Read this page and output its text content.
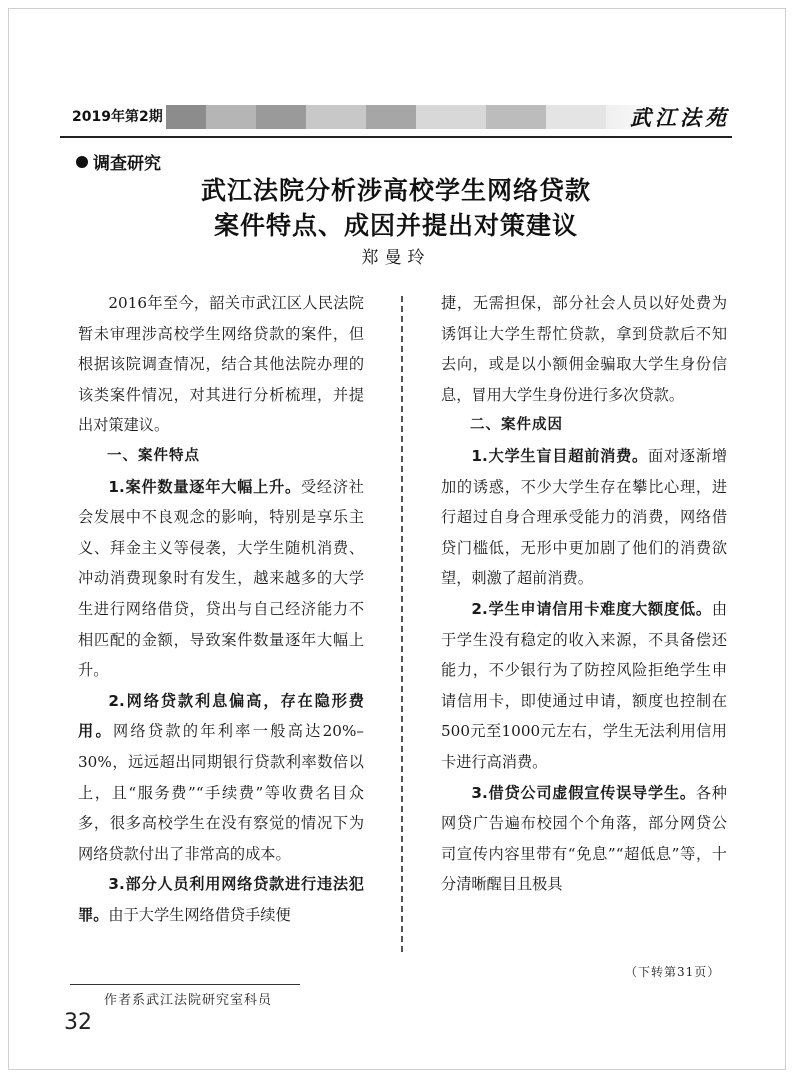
2019年第2期	武江法苑
调查研究
武江法院分析涉高校学生网络贷款
案件特点、成因并提出对策建议
郑曼玲

2016年至今，韶关市武江区人民法院暂未审理涉高校学生网络贷款的案件，但根据该院调查情况，结合其他法院办理的该类案件情况，对其进行分析梳理，并提出对策建议。

一、案件特点

1.案件数量逐年大幅上升。受经济社会发展中不良观念的影响，特别是享乐主义、拜金主义等侵袭，大学生随机消费、冲动消费现象时有发生，越来越多的大学生进行网络借贷，贷出与自己经济能力不相匹配的金额，导致案件数量逐年大幅上升。

2.网络贷款利息偏高，存在隐形费用。网络贷款的年利率一般高达20%–30%，远远超出同期银行贷款利率数倍以上，且“服务费”“手续费”等收费名目众多，很多高校学生在没有察觉的情况下为网络贷款付出了非常高的成本。

3.部分人员利用网络贷款进行违法犯罪。由于大学生网络借贷手续便

捷，无需担保，部分社会人员以好处费为诱饵让大学生帮忙贷款，拿到贷款后不知去向，或是以小额佣金骗取大学生身份信息，冒用大学生身份进行多次贷款。

二、案件成因

1.大学生盲目超前消费。面对逐渐增加的诱惑，不少大学生存在攀比心理，进行超过自身合理承受能力的消费，网络借贷门槛低，无形中更加剧了他们的消费欲望，刺激了超前消费。

2.学生申请信用卡难度大额度低。由于学生没有稳定的收入来源，不具备偿还能力，不少银行为了防控风险拒绝学生申请信用卡，即使通过申请，额度也控制在500元至1000元左右，学生无法利用信用卡进行高消费。

3.借贷公司虚假宣传误导学生。各种网贷广告遍布校园个个角落，部分网贷公司宣传内容里带有“免息”“超低息”等，十分清晰醒目且极具

（下转第31页）
作者系武江法院研究室科员
32
